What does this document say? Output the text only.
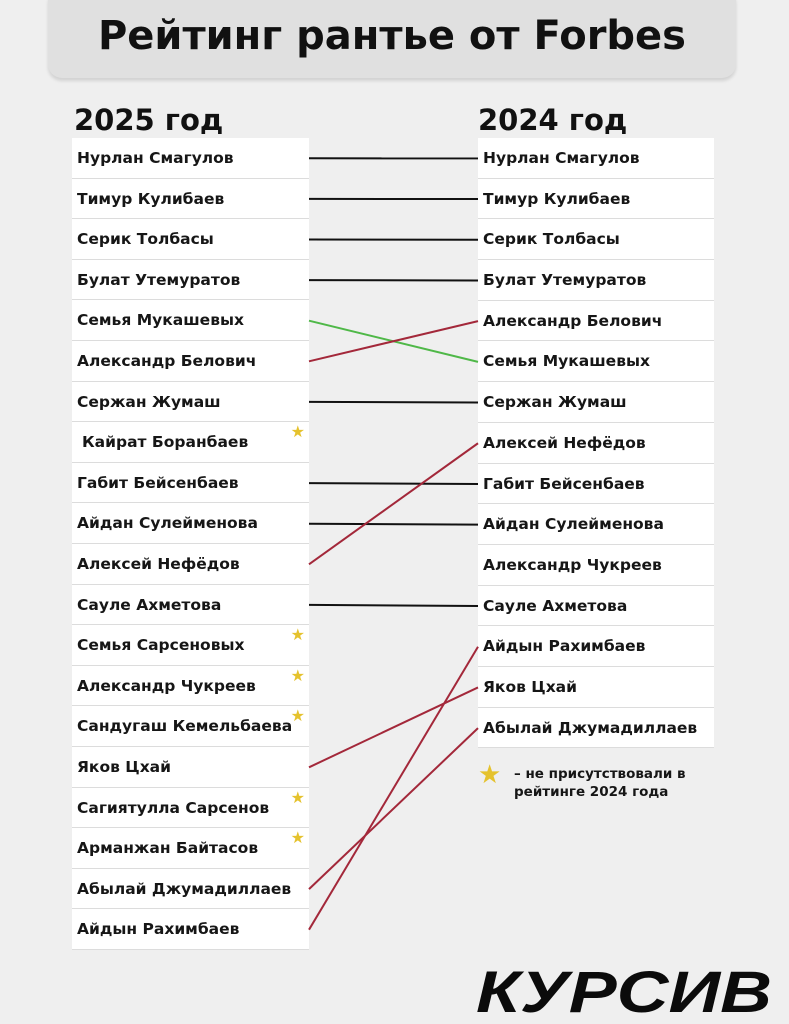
Рейтинг рантье от Forbes
2025 год	2024 год
Нурлан Смагулов
Тимур Кулибаев
Серик Толбасы
Булат Утемуратов
Семья Мукашевых
Александр Белович
Сержан Жумаш
Кайрат Боранбаев
★
Габит Бейсенбаев
Айдан Сулейменова
Алексей Нефёдов
Сауле Ахметова
Семья Сарсеновых
★
Александр Чукреев
★
Сандугаш Кемельбаева
★
Яков Цхай
Сагиятулла Сарсенов
★
Арманжан Байтасов
★
Абылай Джумадиллаев
Айдын Рахимбаев
Нурлан Смагулов
Тимур Кулибаев
Серик Толбасы
Булат Утемуратов
Александр Белович
Семья Мукашевых
Сержан Жумаш
Алексей Нефёдов
Габит Бейсенбаев
Айдан Сулейменова
Александр Чукреев
Сауле Ахметова
Айдын Рахимбаев
Яков Цхай
Абылай Джумадиллаев
★ – не присутствовали в рейтинге 2024 года
КУРСИВ
